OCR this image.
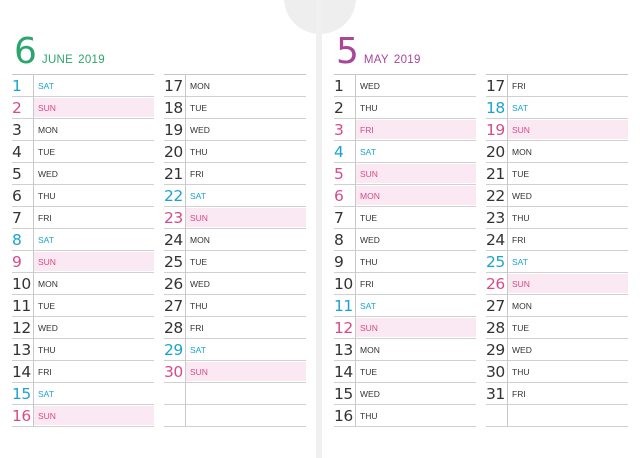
6 JUNE 2019
1	SAT
2	SUN
3	MON
4	TUE
5	WED
6	THU
7	FRI
8	SAT
9	SUN
10 MON
11 TUE
12 WED
13 THU
14 FRI
15 SAT
16 SUN
17 MON
18 TUE
19 WED
20 THU
21 FRI
22 SAT
23 SUN
24 MON
25 TUE
26 WED
27 THU
28 FRI
29 SAT
30 SUN
5 MAY 2019
1	WED
2	THU
3	FRI
4	SAT
5	SUN
6	MON
7	TUE
8	WED
9	THU
10 FRI
11 SAT
12 SUN
13 MON
14 TUE
15 WED
16 THU
17 FRI
18 SAT
19 SUN
20 MON
21 TUE
22 WED
23 THU
24 FRI
25 SAT
26 SUN
27 MON
28 TUE
29 WED
30 THU
31 FRI
